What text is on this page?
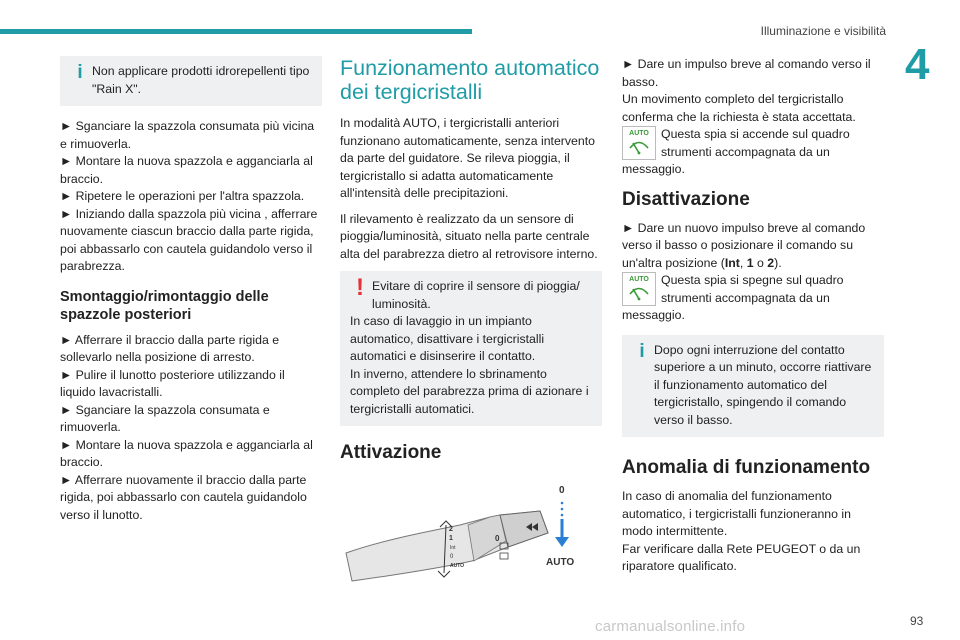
Illuminazione e visibilità
4
i Non applicare prodotti idrorepellenti tipo "Rain X".
► Sganciare la spazzola consumata più vicina e rimuoverla.
► Montare la nuova spazzola e agganciarla al braccio.
► Ripetere le operazioni per l'altra spazzola.
► Iniziando dalla spazzola più vicina , afferrare nuovamente ciascun braccio dalla parte rigida, poi abbassarlo con cautela guidandolo verso il parabrezza.
Smontaggio/rimontaggio delle spazzole posteriori
► Afferrare il braccio dalla parte rigida e sollevarlo nella posizione di arresto.
► Pulire il lunotto posteriore utilizzando il liquido lavacristalli.
► Sganciare la spazzola consumata e rimuoverla.
► Montare la nuova spazzola e agganciarla al braccio.
► Afferrare nuovamente il braccio dalla parte rigida, poi abbassarlo con cautela guidandolo verso il lunotto.
Funzionamento automatico dei tergicristalli

In modalità AUTO, i tergicristalli anteriori funzionano automaticamente, senza intervento da parte del guidatore. Se rileva pioggia, il tergicristallo si adatta automaticamente all'intensità delle precipitazioni.

Il rilevamento è realizzato da un sensore di pioggia/luminosità, situato nella parte centrale alta del parabrezza dietro al retrovisore interno.

! Evitare di coprire il sensore di pioggia/ luminosità.
In caso di lavaggio in un impianto automatico, disattivare i tergicristalli automatici e disinserire il contatto.
In inverno, attendere lo sbrinamento completo del parabrezza prima di azionare i tergicristalli automatici.
Attivazione
2
1
Int
0
AUTO
0
0
AUTO
► Dare un impulso breve al comando verso il basso.
Un movimento completo del tergicristallo conferma che la richiesta è stata accettata.
AUTO Questa spia si accende sul quadro strumenti accompagnata da un messaggio.
Disattivazione
► Dare un nuovo impulso breve al comando verso il basso o posizionare il comando su un'altra posizione (Int, 1 o 2).
AUTO Questa spia si spegne sul quadro strumenti accompagnata da un messaggio.
i Dopo ogni interruzione del contatto superiore a un minuto, occorre riattivare il funzionamento automatico del tergicristallo, spingendo il comando verso il basso.
Anomalia di funzionamento
In caso di anomalia del funzionamento automatico, i tergicristalli funzioneranno in modo intermittente.
Far verificare dalla Rete PEUGEOT o da un riparatore qualificato.
carmanualsonline.info	93
